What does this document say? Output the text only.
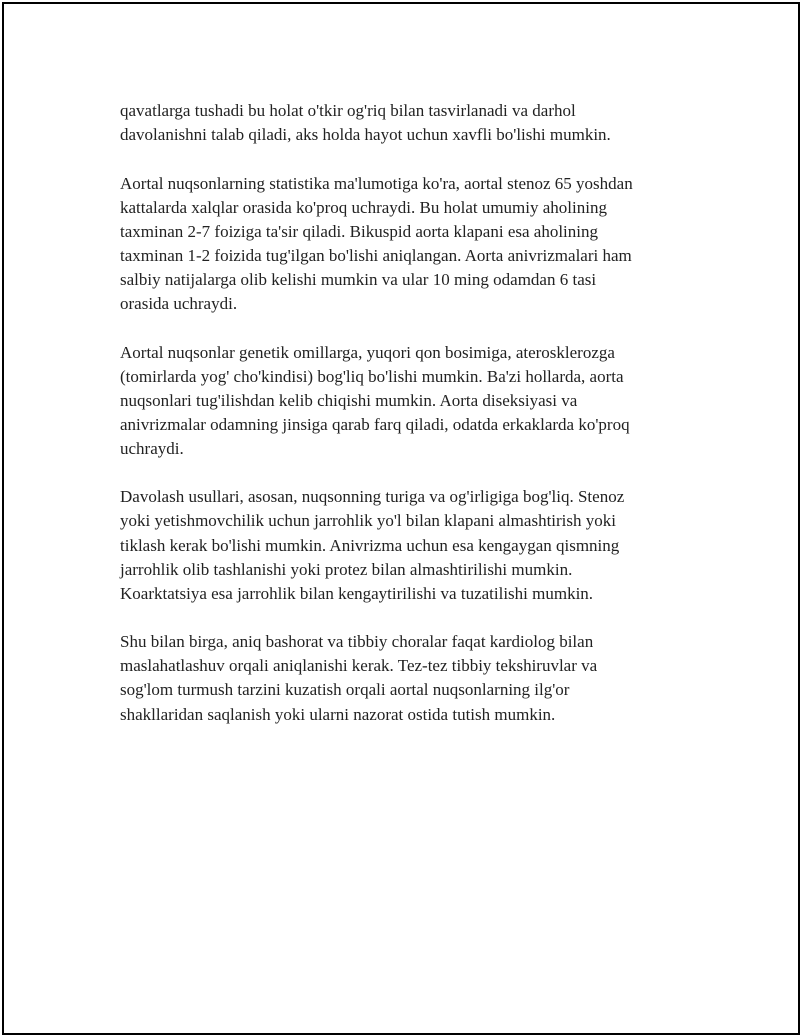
qavatlarga tushadi bu holat o'tkir og'riq bilan tasvirlanadi va darhol
davolanishni talab qiladi, aks holda hayot uchun xavfli bo'lishi mumkin.

Aortal nuqsonlarning statistika ma'lumotiga ko'ra, aortal stenoz 65 yoshdan
kattalarda xalqlar orasida ko'proq uchraydi. Bu holat umumiy aholining
taxminan 2-7 foiziga ta'sir qiladi. Bikuspid aorta klapani esa aholining
taxminan 1-2 foizida tug'ilgan bo'lishi aniqlangan. Aorta anivrizmalari ham
salbiy natijalarga olib kelishi mumkin va ular 10 ming odamdan 6 tasi
orasida uchraydi.

Aortal nuqsonlar genetik omillarga, yuqori qon bosimiga, aterosklerozga
(tomirlarda yog' cho'kindisi) bog'liq bo'lishi mumkin. Ba'zi hollarda, aorta
nuqsonlari tug'ilishdan kelib chiqishi mumkin. Aorta diseksiyasi va
anivrizmalar odamning jinsiga qarab farq qiladi, odatda erkaklarda ko'proq
uchraydi.

Davolash usullari, asosan, nuqsonning turiga va og'irligiga bog'liq. Stenoz
yoki yetishmovchilik uchun jarrohlik yo'l bilan klapani almashtirish yoki
tiklash kerak bo'lishi mumkin. Anivrizma uchun esa kengaygan qismning
jarrohlik olib tashlanishi yoki protez bilan almashtirilishi mumkin.
Koarktatsiya esa jarrohlik bilan kengaytirilishi va tuzatilishi mumkin.

Shu bilan birga, aniq bashorat va tibbiy choralar faqat kardiolog bilan
maslahatlashuv orqali aniqlanishi kerak. Tez-tez tibbiy tekshiruvlar va
sog'lom turmush tarzini kuzatish orqali aortal nuqsonlarning ilg'or
shakllaridan saqlanish yoki ularni nazorat ostida tutish mumkin.
